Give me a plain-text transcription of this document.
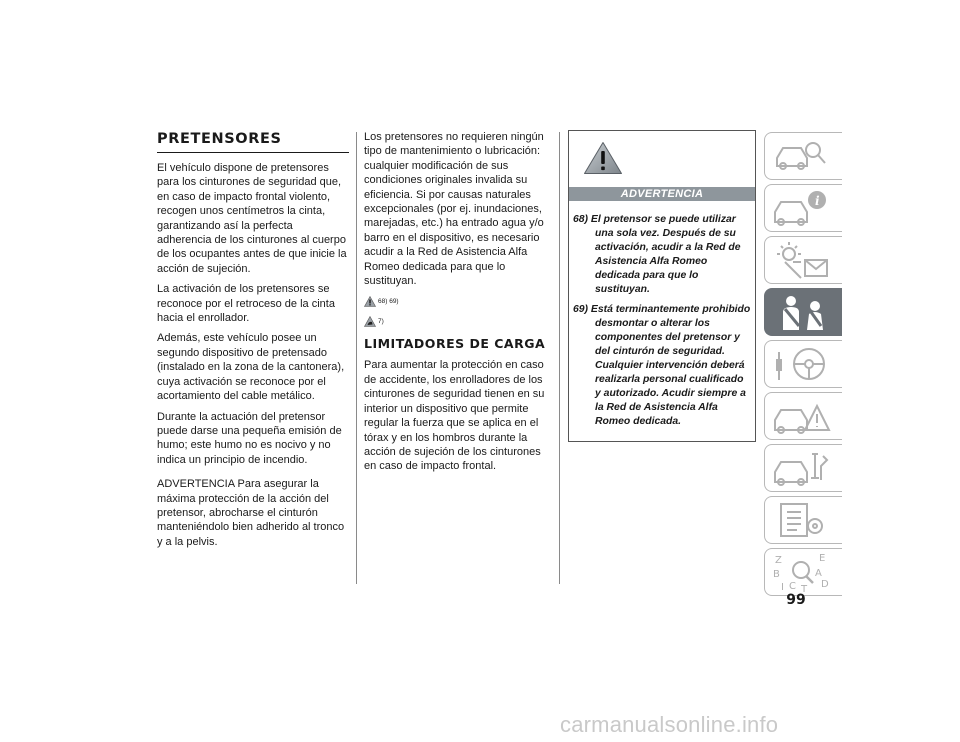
PRETENSORES

El vehículo dispone de pretensores para los cinturones de seguridad que, en caso de impacto frontal violento, recogen unos centímetros la cinta, garantizando así la perfecta adherencia de los cinturones al cuerpo de los ocupantes antes de que inicie la acción de sujeción.

La activación de los pretensores se reconoce por el retroceso de la cinta hacia el enrollador.

Además, este vehículo posee un segundo dispositivo de pretensado (instalado en la zona de la cantonera), cuya activación se reconoce por el acortamiento del cable metálico.

Durante la actuación del pretensor puede darse una pequeña emisión de humo; este humo no es nocivo y no indica un principio de incendio.

ADVERTENCIA Para asegurar la máxima protección de la acción del pretensor, abrocharse el cinturón manteniéndolo bien adherido al tronco y a la pelvis.

Los pretensores no requieren ningún tipo de mantenimiento o lubricación: cualquier modificación de sus condiciones originales invalida su eficiencia. Si por causas naturales excepcionales (por ej. inundaciones, marejadas, etc.) ha entrado agua y/o barro en el dispositivo, es necesario acudir a la Red de Asistencia Alfa Romeo dedicada para que lo sustituyan.

68) 69)
7)
LIMITADORES DE CARGA

Para aumentar la protección en caso de accidente, los enrolladores de los cinturones de seguridad tienen en su interior un dispositivo que permite regular la fuerza que se aplica en el tórax y en los hombros durante la acción de sujeción de los cinturones en caso de impacto frontal.

ADVERTENCIA
68) El pretensor se puede utilizar una sola vez. Después de su activación, acudir a la Red de Asistencia Alfa Romeo dedicada para que lo sustituyan.
69) Está terminantemente prohibido desmontar o alterar los componentes del pretensor y del cinturón de seguridad. Cualquier intervención deberá realizarla personal cualificado y autorizado. Acudir siempre a la Red de Asistencia Alfa Romeo dedicada.
i
Z	E
B	A
C T D
I
99
carmanualsonline.info
